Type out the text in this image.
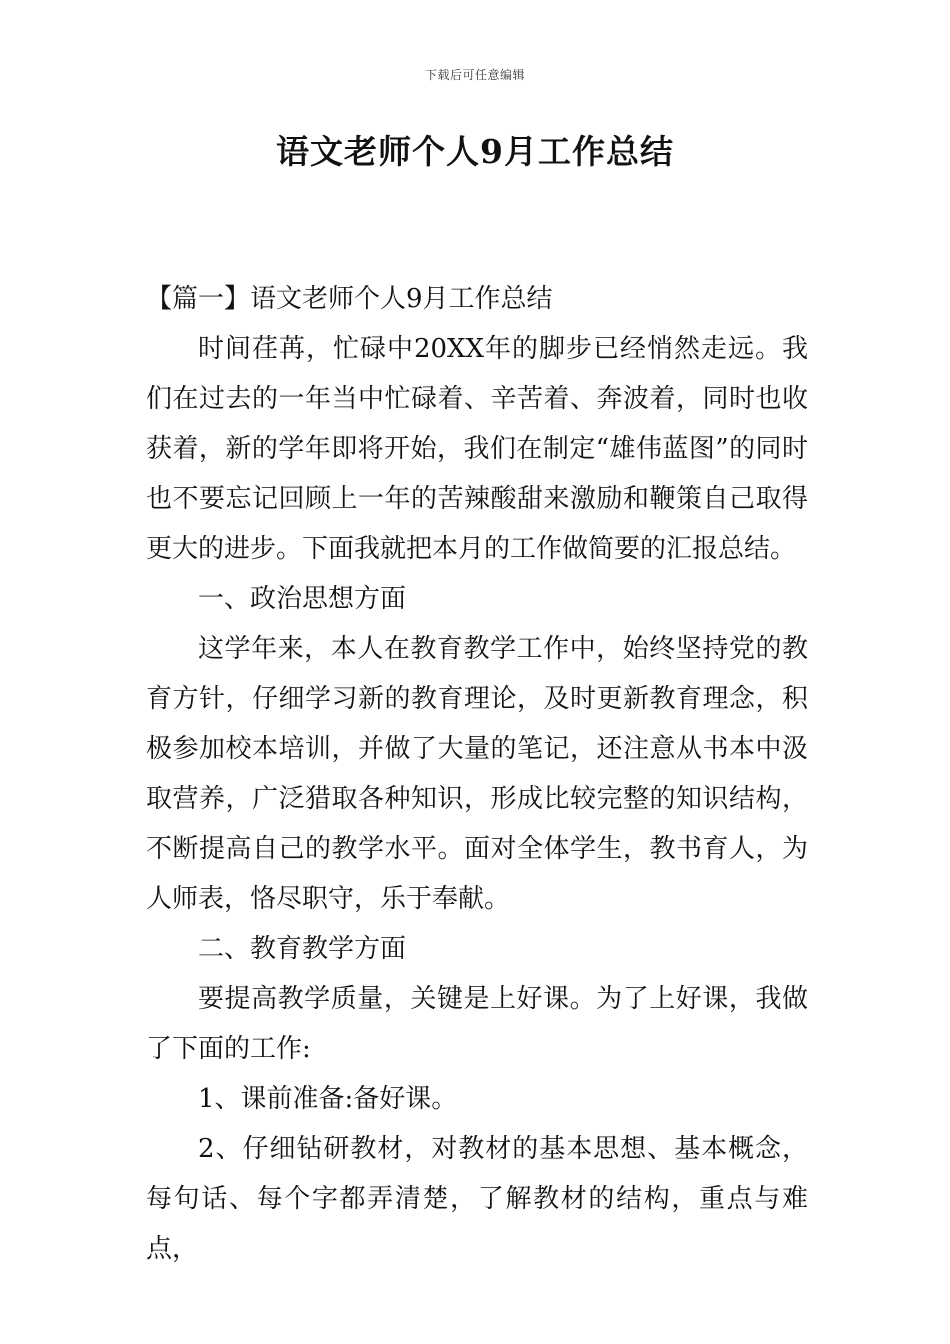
下载后可任意编辑
语文老师个人9月工作总结

【篇一】语文老师个人9月工作总结

时间荏苒，忙碌中20XX年的脚步已经悄然走远。我们在过去的一年当中忙碌着、辛苦着、奔波着，同时也收获着，新的学年即将开始，我们在制定“雄伟蓝图”的同时也不要忘记回顾上一年的苦辣酸甜来激励和鞭策自己取得更大的进步。下面我就把本月的工作做简要的汇报总结。

一、政治思想方面

这学年来，本人在教育教学工作中，始终坚持党的教育方针，仔细学习新的教育理论，及时更新教育理念，积极参加校本培训，并做了大量的笔记，还注意从书本中汲取营养，广泛猎取各种知识，形成比较完整的知识结构，不断提高自己的教学水平。面对全体学生，教书育人，为人师表，恪尽职守，乐于奉献。

二、教育教学方面

要提高教学质量，关键是上好课。为了上好课，我做了下面的工作:

1、课前准备:备好课。

2、仔细钻研教材，对教材的基本思想、基本概念，每句话、每个字都弄清楚，了解教材的结构，重点与难点，
